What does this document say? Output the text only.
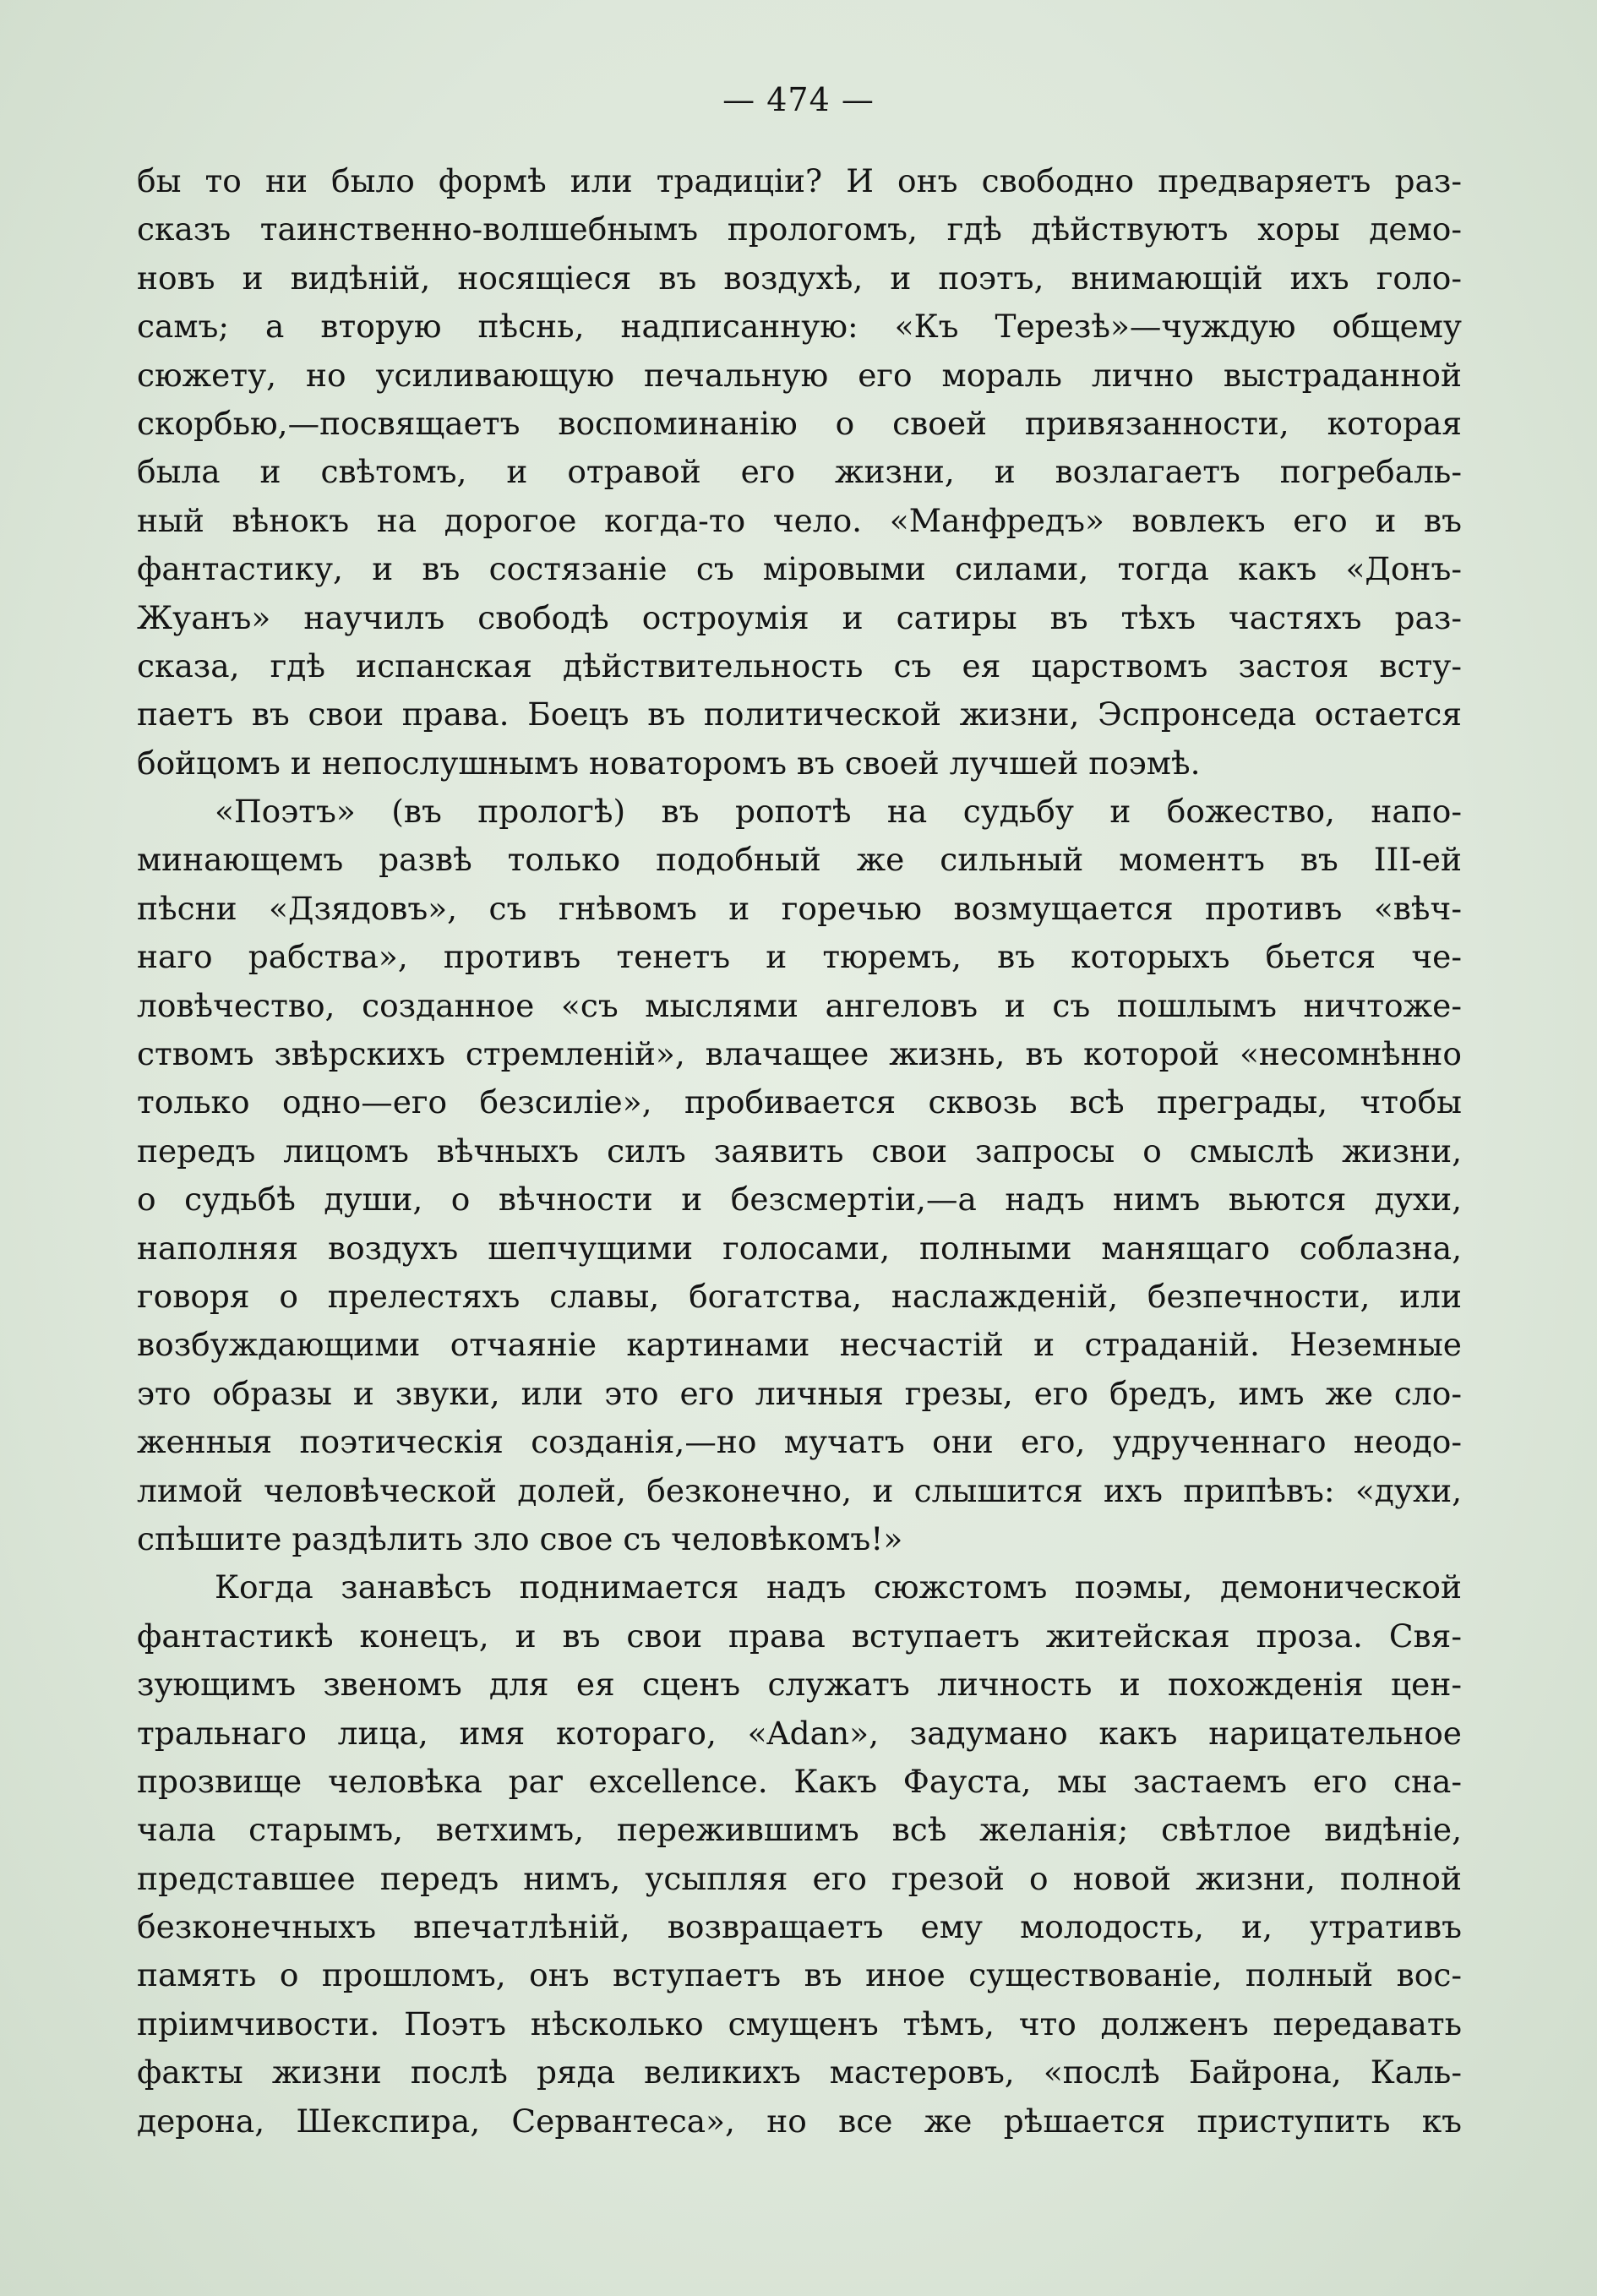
— 474 —
бы то ни было формѣ или традиціи? И онъ свободно предваряетъ раз-
сказъ таинственно-волшебнымъ прологомъ, гдѣ дѣйствуютъ хоры демо-
новъ и видѣній, носящіеся въ воздухѣ, и поэтъ, внимающій ихъ голо-
самъ; а вторую пѣснь, надписанную: «Къ Терезѣ»—чуждую общему
сюжету, но усиливающую печальную его мораль лично выстраданной
скорбью,—посвящаетъ воспоминанію о своей привязанности, которая
была и свѣтомъ, и отравой его жизни, и возлагаетъ погребаль-
ный вѣнокъ на дорогое когда-то чело. «Манфредъ» вовлекъ его и въ
фантастику, и въ состязаніе съ міровыми силами, тогда какъ «Донъ-
Жуанъ» научилъ свободѣ остроумія и сатиры въ тѣхъ частяхъ раз-
сказа, гдѣ испанская дѣйствительность съ ея царствомъ застоя всту-
паетъ въ свои права. Боецъ въ политической жизни, Эспронседа остается
бойцомъ и непослушнымъ новаторомъ въ своей лучшей поэмѣ.
«Поэтъ» (въ прологѣ) въ ропотѣ на судьбу и божество, напо-
минающемъ развѣ только подобный же сильный моментъ въ III-ей
пѣсни «Дзядовъ», съ гнѣвомъ и горечью возмущается противъ «вѣч-
наго рабства», противъ тенетъ и тюремъ, въ которыхъ бьется че-
ловѣчество, созданное «съ мыслями ангеловъ и съ пошлымъ ничтоже-
ствомъ звѣрскихъ стремленій», влачащее жизнь, въ которой «несомнѣнно
только одно—его безсиліе», пробивается сквозь всѣ преграды, чтобы
передъ лицомъ вѣчныхъ силъ заявить свои запросы о смыслѣ жизни,
о судьбѣ души, о вѣчности и безсмертіи,—а надъ нимъ вьются духи,
наполняя воздухъ шепчущими голосами, полными манящаго соблазна,
говоря о прелестяхъ славы, богатства, наслажденій, безпечности, или
возбуждающими отчаяніе картинами несчастій и страданій. Неземные
это образы и звуки, или это его личныя грезы, его бредъ, имъ же сло-
женныя поэтическія созданія,—но мучатъ они его, удрученнаго неодо-
лимой человѣческой долей, безконечно, и слышится ихъ припѣвъ: «духи,
спѣшите раздѣлить зло свое съ человѣкомъ!»
Когда занавѣсъ поднимается надъ сюжстомъ поэмы, демонической
фантастикѣ конецъ, и въ свои права вступаетъ житейская проза. Свя-
зующимъ звеномъ для ея сценъ служатъ личность и похожденія цен-
тральнаго лица, имя котораго, «Adan», задумано какъ нарицательное
прозвище человѣка par excellence. Какъ Фауста, мы застаемъ его сна-
чала старымъ, ветхимъ, пережившимъ всѣ желанія; свѣтлое видѣніе,
представшее передъ нимъ, усыпляя его грезой о новой жизни, полной
безконечныхъ впечатлѣній, возвращаетъ ему молодость, и, утративъ
память о прошломъ, онъ вступаетъ въ иное существованіе, полный вос-
пріимчивости. Поэтъ нѣсколько смущенъ тѣмъ, что долженъ передавать
факты жизни послѣ ряда великихъ мастеровъ, «послѣ Байрона, Каль-
дерона, Шекспира, Сервантеса», но все же рѣшается приступить къ
